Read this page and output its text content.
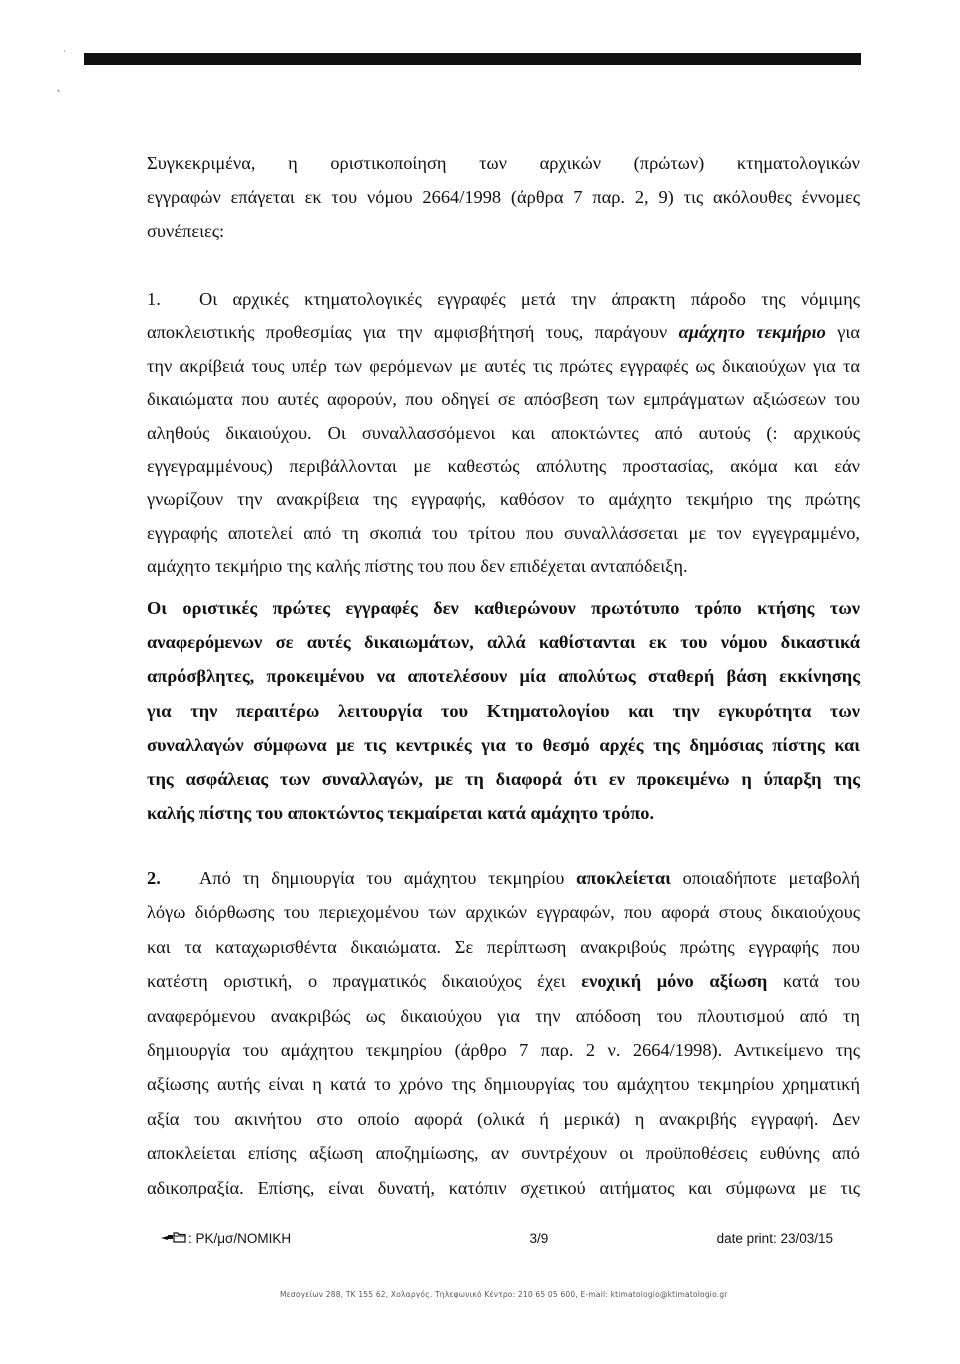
˙
ˎ

Συγκεκριμένα, η οριστικοποίηση των αρχικών (πρώτων) κτηματολογικών
εγγραφών επάγεται εκ του νόμου 2664/1998 (άρθρα 7 παρ. 2, 9) τις ακόλουθες έννομες
συνέπειες:

1. Οι αρχικές κτηματολογικές εγγραφές μετά την άπρακτη πάροδο της νόμιμης
αποκλειστικής προθεσμίας για την αμφισβήτησή τους, παράγουν αμάχητο τεκμήριο για
την ακρίβειά τους υπέρ των φερόμενων με αυτές τις πρώτες εγγραφές ως δικαιούχων για τα
δικαιώματα που αυτές αφορούν, που οδηγεί σε απόσβεση των εμπράγματων αξιώσεων του
αληθούς δικαιούχου. Οι συναλλασσόμενοι και αποκτώντες από αυτούς (: αρχικούς
εγγεγραμμένους) περιβάλλονται με καθεστώς απόλυτης προστασίας, ακόμα και εάν
γνωρίζουν την ανακρίβεια της εγγραφής, καθόσον το αμάχητο τεκμήριο της πρώτης
εγγραφής αποτελεί από τη σκοπιά του τρίτου που συναλλάσσεται με τον εγγεγραμμένο,
αμάχητο τεκμήριο της καλής πίστης του που δεν επιδέχεται ανταπόδειξη.

Οι οριστικές πρώτες εγγραφές δεν καθιερώνουν πρωτότυπο τρόπο κτήσης των
αναφερόμενων σε αυτές δικαιωμάτων, αλλά καθίστανται εκ του νόμου δικαστικά
απρόσβλητες, προκειμένου να αποτελέσουν μία απολύτως σταθερή βάση εκκίνησης
για την περαιτέρω λειτουργία του Κτηματολογίου και την εγκυρότητα των
συναλλαγών σύμφωνα με τις κεντρικές για το θεσμό αρχές της δημόσιας πίστης και
της ασφάλειας των συναλλαγών, με τη διαφορά ότι εν προκειμένω η ύπαρξη της
καλής πίστης του αποκτώντος τεκμαίρεται κατά αμάχητο τρόπο.

2. Από τη δημιουργία του αμάχητου τεκμηρίου αποκλείεται οποιαδήποτε μεταβολή
λόγω διόρθωσης του περιεχομένου των αρχικών εγγραφών, που αφορά στους δικαιούχους
και τα καταχωρισθέντα δικαιώματα. Σε περίπτωση ανακριβούς πρώτης εγγραφής που
κατέστη οριστική, ο πραγματικός δικαιούχος έχει ενοχική μόνο αξίωση κατά του
αναφερόμενου ανακριβώς ως δικαιούχου για την απόδοση του πλουτισμού από τη
δημιουργία του αμάχητου τεκμηρίου (άρθρο 7 παρ. 2 ν. 2664/1998). Αντικείμενο της
αξίωσης αυτής είναι η κατά το χρόνο της δημιουργίας του αμάχητου τεκμηρίου χρηματική
αξία του ακινήτου στο οποίο αφορά (ολικά ή μερικά) η ανακριβής εγγραφή. Δεν
αποκλείεται επίσης αξίωση αποζημίωσης, αν συντρέχουν οι προϋποθέσεις ευθύνης από
αδικοπραξία. Επίσης, είναι δυνατή, κατόπιν σχετικού αιτήματος και σύμφωνα με τις

: PK/μσ/NOMIKH	3/9	date print: 23/03/15
Μεσογείων 288, ΤΚ 155 62, Χολαργός. Τηλεφωνικό Κέντρο: 210 65 05 600, E-mail: ktimatologio@ktimatologio.gr
